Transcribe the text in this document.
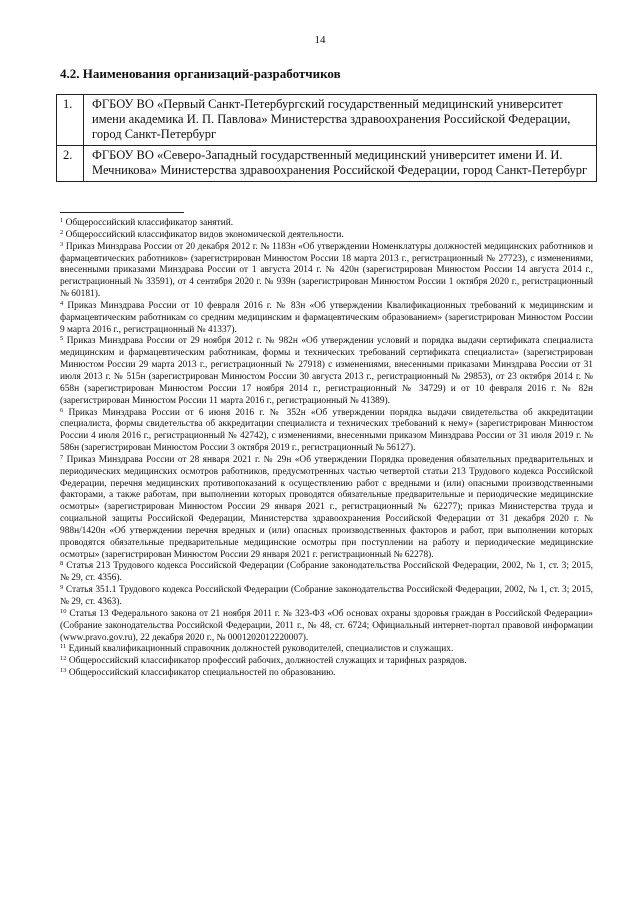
14
4.2. Наименования организаций-разработчиков
1.	ФГБОУ ВО «Первый Санкт-Петербургский государственный медицинский университет имени академика И. П. Павлова» Министерства здравоохранения Российской Федерации, город Санкт-Петербург
2.	ФГБОУ ВО «Северо-Западный государственный медицинский университет имени И. И. Мечникова» Министерства здравоохранения Российской Федерации, город Санкт-Петербург

$^1$ Общероссийский классификатор занятий.

$^2$ Общероссийский классификатор видов экономической деятельности.

$^3$ Приказ Минздрава России от 20 декабря 2012 г. № 1183н «Об утверждении Номенклатуры должностей медицинских работников и фармацевтических работников» (зарегистрирован Минюстом России 18 марта 2013 г., регистрационный № 27723), с изменениями, внесенными приказами Минздрава России от 1 августа 2014 г. № 420н (зарегистрирован Минюстом России 14 августа 2014 г., регистрационный № 33591), от 4 сентября 2020 г. № 939н (зарегистрирован Минюстом России 1 октября 2020 г., регистрационный № 60181).

$^4$ Приказ Минздрава России от 10 февраля 2016 г. № 83н «Об утверждении Квалификационных требований к медицинским и фармацевтическим работникам со средним медицинским и фармацевтическим образованием» (зарегистрирован Минюстом России 9 марта 2016 г., регистрационный № 41337).

$^5$ Приказ Минздрава России от 29 ноября 2012 г. № 982н «Об утверждении условий и порядка выдачи сертификата специалиста медицинским и фармацевтическим работникам, формы и технических требований сертификата специалиста» (зарегистрирован Минюстом России 29 марта 2013 г., регистрационный № 27918) с изменениями, внесенными приказами Минздрава России от 31 июля 2013 г. № 515н (зарегистрирован Минюстом России 30 августа 2013 г., регистрационный № 29853), от 23 октября 2014 г. № 658н (зарегистрирован Минюстом России 17 ноября 2014 г., регистрационный № 34729) и от 10 февраля 2016 г. № 82н (зарегистрирован Минюстом России 11 марта 2016 г., регистрационный № 41389).

$^6$ Приказ Минздрава России от 6 июня 2016 г. № 352н «Об утверждении порядка выдачи свидетельства об аккредитации специалиста, формы свидетельства об аккредитации специалиста и технических требований к нему» (зарегистрирован Минюстом России 4 июля 2016 г., регистрационный № 42742), с изменениями, внесенными приказом Минздрава России от 31 июля 2019 г. № 586н (зарегистрирован Минюстом России 3 октября 2019 г., регистрационный № 56127).

$^7$ Приказ Минздрава России от 28 января 2021 г. № 29н «Об утверждении Порядка проведения обязательных предварительных и периодических медицинских осмотров работников, предусмотренных частью четвертой статьи 213 Трудового кодекса Российской Федерации, перечня медицинских противопоказаний к осуществлению работ с вредными и (или) опасными производственными факторами, а также работам, при выполнении которых проводятся обязательные предварительные и периодические медицинские осмотры» (зарегистрирован Минюстом России 29 января 2021 г., регистрационный № 62277); приказ Министерства труда и социальной защиты Российской Федерации, Министерства здравоохранения Российской Федерации от 31 декабря 2020 г. № 988н/1420н «Об утверждении перечня вредных и (или) опасных производственных факторов и работ, при выполнении которых проводятся обязательные предварительные медицинские осмотры при поступлении на работу и периодические медицинские осмотры» (зарегистрирован Минюстом России 29 января 2021 г. регистрационный № 62278).

$^8$ Статья 213 Трудового кодекса Российской Федерации (Собрание законодательства Российской Федерации, 2002, № 1, ст. 3; 2015, № 29, ст. 4356).

$^9$ Статья 351.1 Трудового кодекса Российской Федерации (Собрание законодательства Российской Федерации, 2002, № 1, ст. 3; 2015, № 29, ст. 4363).

$^{10}$ Статья 13 Федерального закона от 21 ноября 2011 г. № 323-ФЗ «Об основах охраны здоровья граждан в Российской Федерации» (Собрание законодательства Российской Федерации, 2011 г., № 48, ст. 6724; Официальный интернет-портал правовой информации (www.pravo.gov.ru), 22 декабря 2020 г., № 0001202012220007).

$^{11}$ Единый квалификационный справочник должностей руководителей, специалистов и служащих.

$^{12}$ Общероссийский классификатор профессий рабочих, должностей служащих и тарифных разрядов.

$^{13}$ Общероссийский классификатор специальностей по образованию.
